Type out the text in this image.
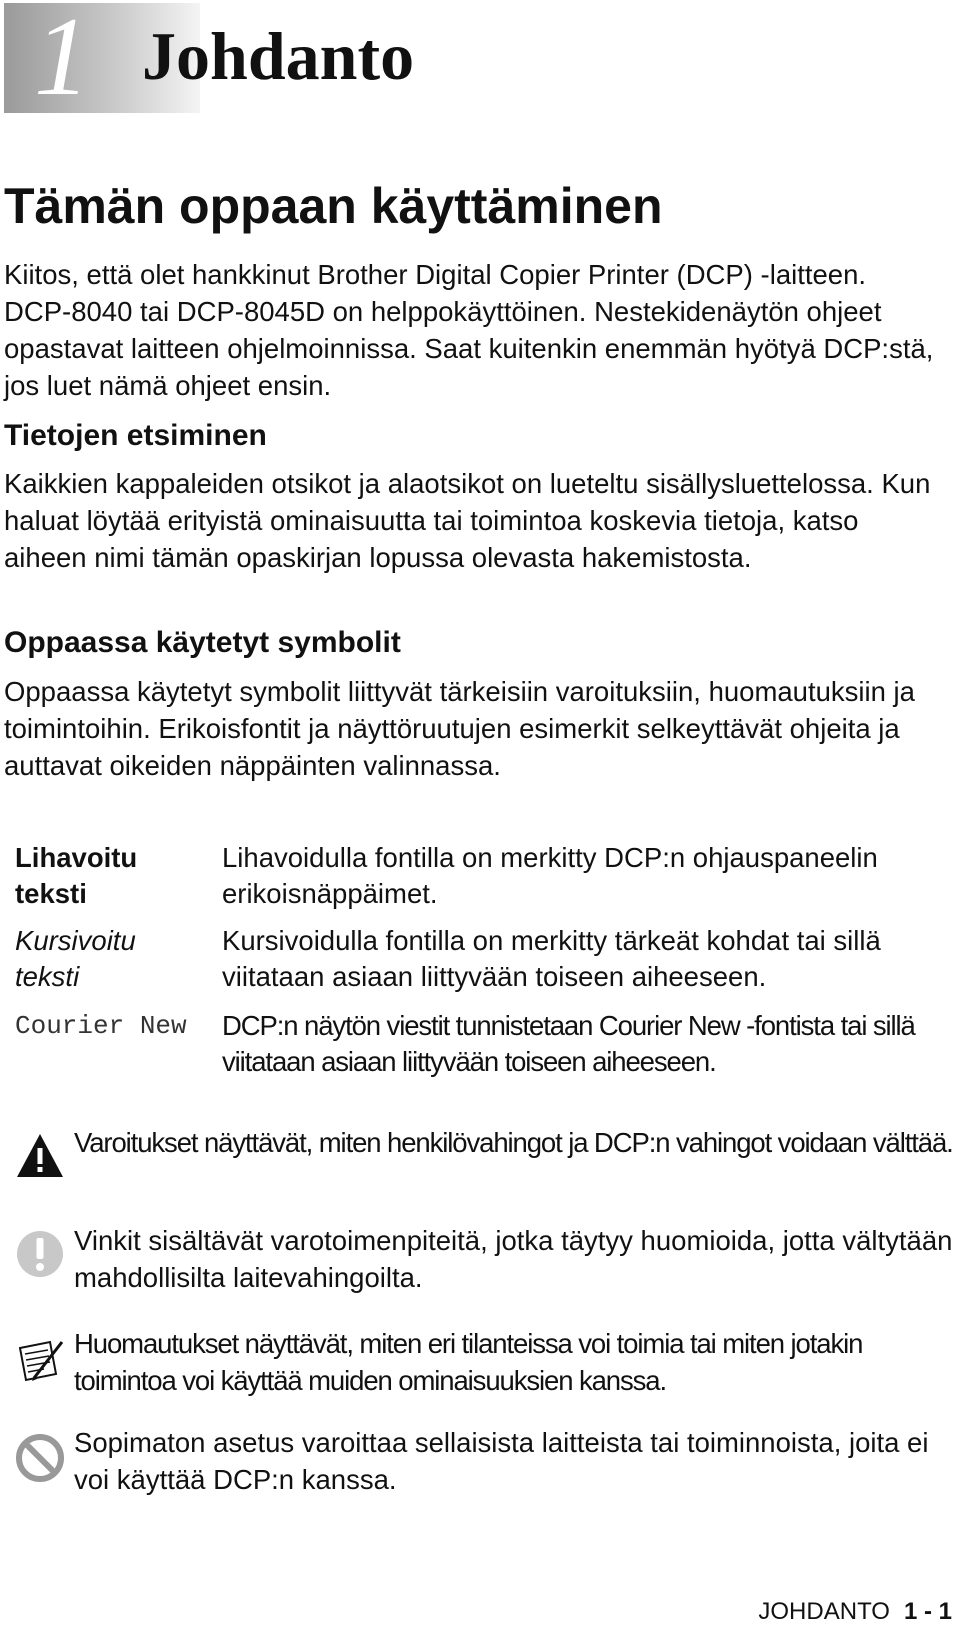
1 Johdanto
Tämän oppaan käyttäminen

Kiitos, että olet hankkinut Brother Digital Copier Printer (DCP) -laitteen. DCP-8040 tai DCP-8045D on helppokäyttöinen. Nestekidenäytön ohjeet opastavat laitteen ohjelmoinnissa. Saat kuitenkin enemmän hyötyä DCP:stä, jos luet nämä ohjeet ensin.

Tietojen etsiminen

Kaikkien kappaleiden otsikot ja alaotsikot on lueteltu sisällysluettelossa. Kun haluat löytää erityistä ominaisuutta tai toimintoa koskevia tietoja, katso aiheen nimi tämän opaskirjan lopussa olevasta hakemistosta.

Oppaassa käytetyt symbolit

Oppaassa käytetyt symbolit liittyvät tärkeisiin varoituksiin, huomautuksiin ja toimintoihin. Erikoisfontit ja näyttöruutujen esimerkit selkeyttävät ohjeita ja auttavat oikeiden näppäinten valinnassa.

Lihavoitu teksti
Lihavoidulla fontilla on merkitty DCP:n ohjauspaneelin erikoisnäppäimet.
Kursivoitu teksti
Kursivoidulla fontilla on merkitty tärkeät kohdat tai sillä viitataan asiaan liittyvään toiseen aiheeseen.
Courier New	DCP:n näytön viestit tunnistetaan Courier New -fontista tai sillä viitataan asiaan liittyvään toiseen aiheeseen.
Varoitukset näyttävät, miten henkilövahingot ja DCP:n vahingot voidaan välttää.
Vinkit sisältävät varotoimenpiteitä, jotka täytyy huomioida, jotta vältytään mahdollisilta laitevahingoilta.
Huomautukset näyttävät, miten eri tilanteissa voi toimia tai miten jotakin toimintoa voi käyttää muiden ominaisuuksien kanssa.
Sopimaton asetus varoittaa sellaisista laitteista tai toiminnoista, joita ei voi käyttää DCP:n kanssa.
JOHDANTO 1 - 1
